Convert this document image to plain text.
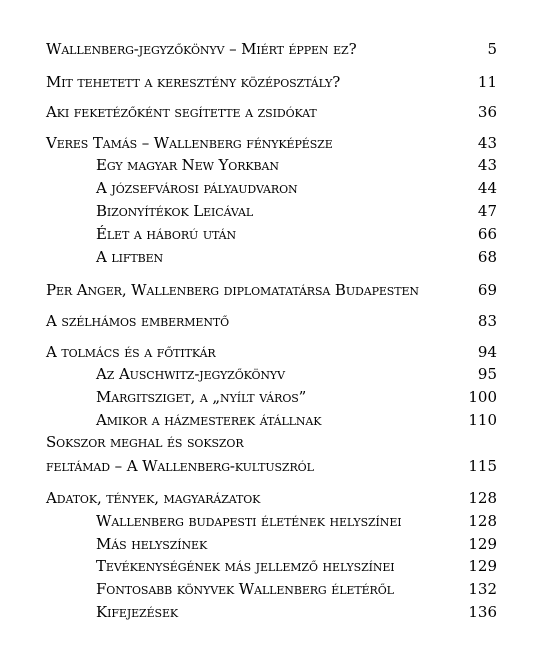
Wallenberg-jegyzőkönyv – Miért éppen ez?	5
Mit tehetett a keresztény középosztály?	11
Aki feketézőként segítette a zsidókat	36
Veres Tamás – Wallenberg fényképésze	43
Egy magyar New Yorkban	43
A józsefvárosi pályaudvaron	44
Bizonyítékok Leicával	47
Élet a háború után	66
A liftben	68
Per Anger, Wallenberg diplomatatársa Budapesten	69
A szélhámos embermentő	83
A tolmács és a főtitkár	94
Az Auschwitz-jegyzőkönyv	95
Margitsziget, a „nyílt város”	100
Amikor a házmesterek átállnak	110
Sokszor meghal és sokszor
feltámad – A Wallenberg-kultuszról	115
Adatok, tények, magyarázatok	128
Wallenberg budapesti életének helyszínei	128
Más helyszínek	129
Tevékenységének más jellemző helyszínei	129
Fontosabb könyvek Wallenberg életéről	132
Kifejezések	136
